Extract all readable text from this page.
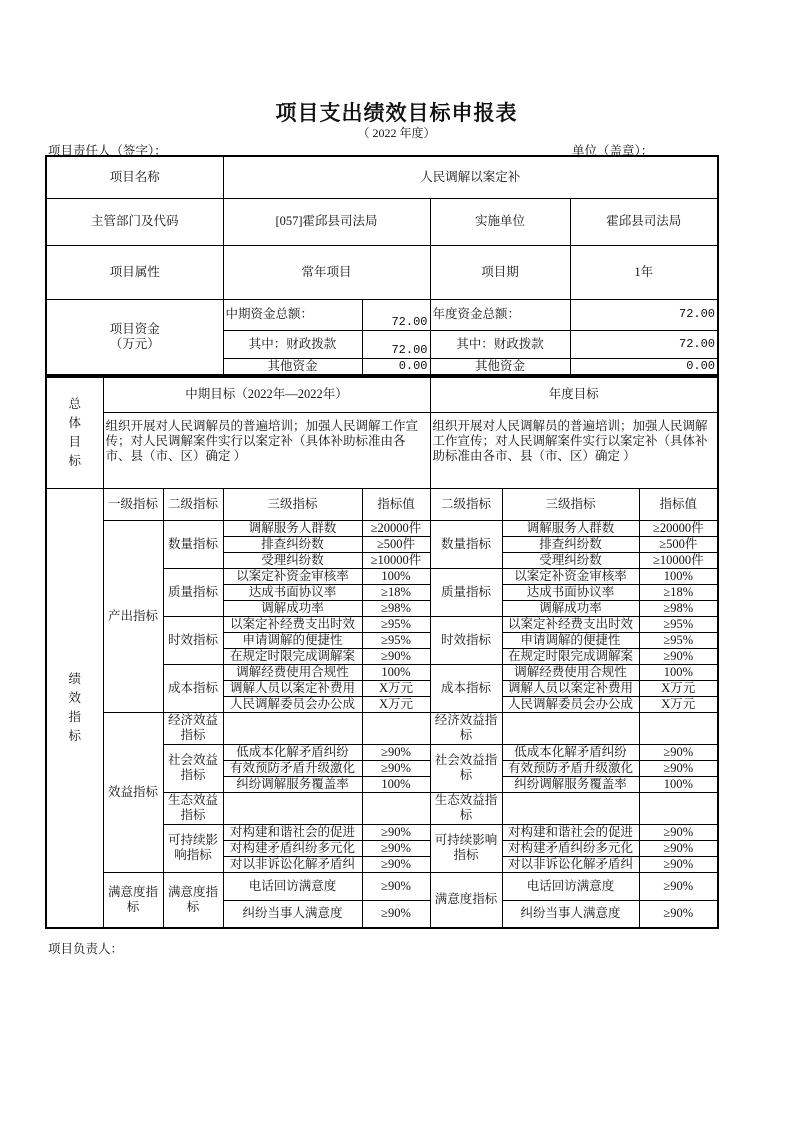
项目支出绩效目标申报表
（ 2022 年度）
项目责任人（签字）：	单位（盖章）：
项目名称	人民调解以案定补			
主管部门及代码	[057]霍邱县司法局		实施单位	霍邱县司法局
项目属性	常年项目		项目期	1年

项目资金
（万元）	中期资金总额：	72.00	年度资金总额：	72.00
	其中：财政拨款	72.00	其中：财政拨款	72.00
	其他资金	0.00	其他资金	0.00
总体目标	中期目标（2022年—2022年）				年度目标		
	组织开展对人民调解员的普遍培训；加强人民调解工作宣传；对人民调解案件实行以案定补（具体补助标准由各市、县（市、区）确定 ）				组织开展对人民调解员的普遍培训；加强人民调解工作宣传；对人民调解案件实行以案定补（具体补助标准由各市、县（市、区）确定 ）		
绩效指标	一级指标	二级指标	三级指标	指标值	二级指标	三级指标	指标值
	产出指标	数量指标	调解服务人群数	≥20000件	数量指标	调解服务人群数	≥20000件
			排查纠纷数	≥500件		排查纠纷数	≥500件
			受理纠纷数	≥10000件		受理纠纷数	≥10000件
		质量指标	以案定补资金审核率	100%	质量指标	以案定补资金审核率	100%
			达成书面协议率	≥18%		达成书面协议率	≥18%
			调解成功率	≥98%		调解成功率	≥98%
		时效指标	以案定补经费支出时效	≥95%	时效指标	以案定补经费支出时效	≥95%
			申请调解的便捷性	≥95%		申请调解的便捷性	≥95%
			在规定时限完成调解案	≥90%		在规定时限完成调解案	≥90%
		成本指标	调解经费使用合规性	100%	成本指标	调解经费使用合规性	100%
			调解人员以案定补费用	X万元		调解人员以案定补费用	X万元
			人民调解委员会办公成	X万元		人民调解委员会办公成	X万元
	效益指标	经济效益指标			经济效益指标		
		社会效益指标	低成本化解矛盾纠纷	≥90%	社会效益指标	低成本化解矛盾纠纷	≥90%
			有效预防矛盾升级激化	≥90%		有效预防矛盾升级激化	≥90%
			纠纷调解服务覆盖率	100%		纠纷调解服务覆盖率	100%
		生态效益指标			生态效益指标		
		可持续影响指标	对构建和谐社会的促进	≥90%	可持续影响指标	对构建和谐社会的促进	≥90%
			对构建矛盾纠纷多元化	≥90%		对构建矛盾纠纷多元化	≥90%
			对以非诉讼化解矛盾纠	≥90%		对以非诉讼化解矛盾纠	≥90%
	满意度指标	满意度指标	电话回访满意度	≥90%	满意度指标	电话回访满意度	≥90%
			纠纷当事人满意度	≥90%		纠纷当事人满意度	≥90%
项目负责人：
